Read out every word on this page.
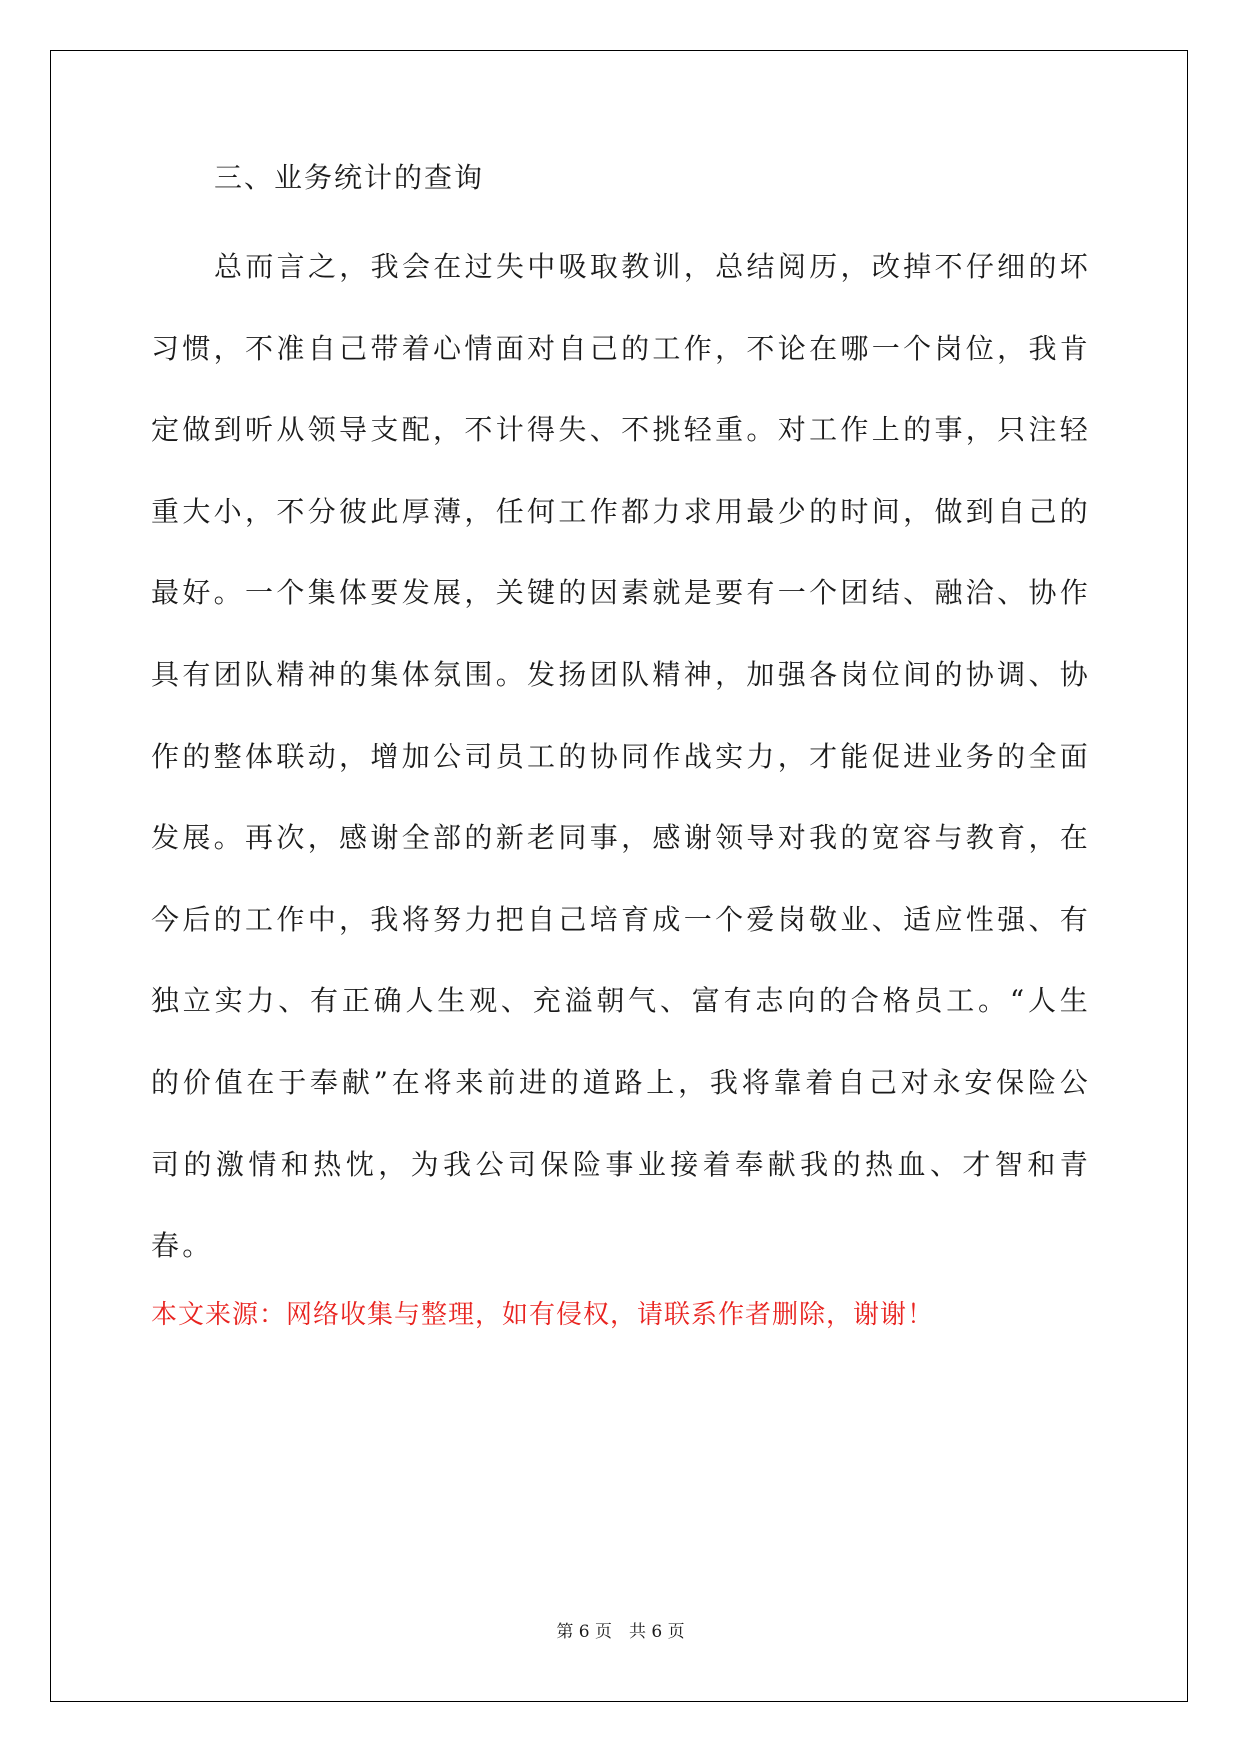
三、业务统计的查询

总而言之，我会在过失中吸取教训，总结阅历，改掉不仔细的坏习惯，不准自己带着心情面对自己的工作，不论在哪一个岗位，我肯定做到听从领导支配，不计得失、不挑轻重。对工作上的事，只注轻重大小，不分彼此厚薄，任何工作都力求用最少的时间，做到自己的最好。一个集体要发展，关键的因素就是要有一个团结、融洽、协作具有团队精神的集体氛围。发扬团队精神，加强各岗位间的协调、协作的整体联动，增加公司员工的协同作战实力，才能促进业务的全面发展。再次，感谢全部的新老同事，感谢领导对我的宽容与教育，在今后的工作中，我将努力把自己培育成一个爱岗敬业、适应性强、有独立实力、有正确人生观、充溢朝气、富有志向的合格员工。“人生的价值在于奉献”在将来前进的道路上，我将靠着自己对永安保险公司的激情和热忱，为我公司保险事业接着奉献我的热血、才智和青春。

本文来源：网络收集与整理，如有侵权，请联系作者删除，谢谢！
第 6 页　共 6 页
